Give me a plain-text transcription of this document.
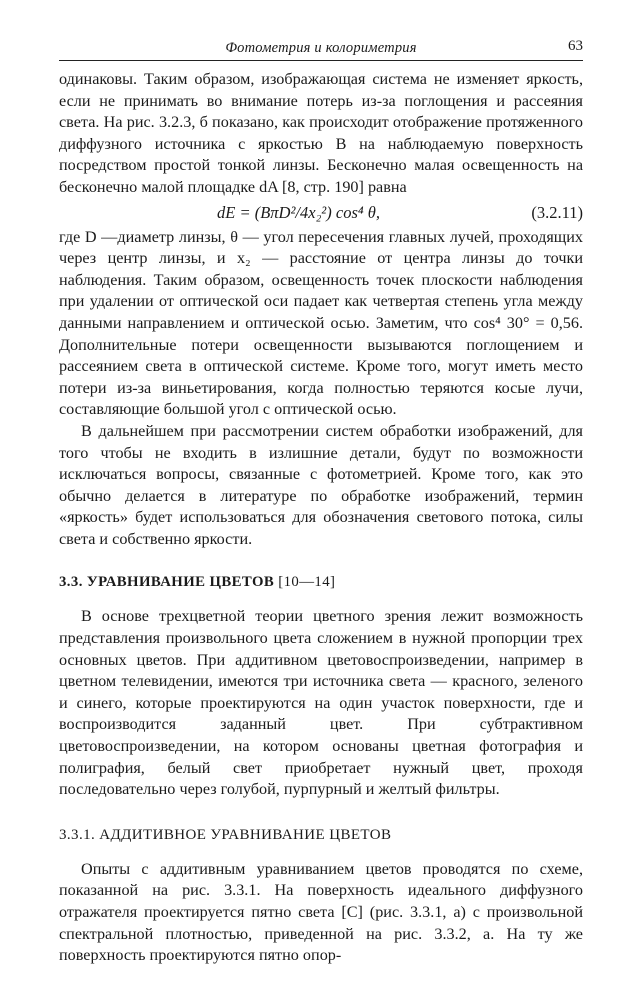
Фотометрия и колориметрия	63

одинаковы. Таким образом, изображающая система не изменяет яркость, если не принимать во внимание потерь из-за поглощения и рассеяния света. На рис. 3.2.3, б показано, как происходит отображение протяженного диффузного источника с яркостью B на наблюдаемую поверхность посредством простой тонкой линзы. Бесконечно малая освещенность на бесконечно малой площадке dA [8, стр. 190] равна

dE = (BπD²/4x₂²) cos⁴ θ,	(3.2.11)

где D —диаметр линзы, θ — угол пересечения главных лучей, проходящих через центр линзы, и x₂ — расстояние от центра линзы до точки наблюдения. Таким образом, освещенность точек плоскости наблюдения при удалении от оптической оси падает как четвертая степень угла между данными направлением и оптической осью. Заметим, что cos⁴ 30° = 0,56. Дополнительные потери освещенности вызываются поглощением и рассеянием света в оптической системе. Кроме того, могут иметь место потери из-за виньетирования, когда полностью теряются косые лучи, составляющие большой угол с оптической осью.

В дальнейшем при рассмотрении систем обработки изображений, для того чтобы не входить в излишние детали, будут по возможности исключаться вопросы, связанные с фотометрией. Кроме того, как это обычно делается в литературе по обработке изображений, термин «яркость» будет использоваться для обозначения светового потока, силы света и собственно яркости.

3.3. УРАВНИВАНИЕ ЦВЕТОВ [10—14]

В основе трехцветной теории цветного зрения лежит возможность представления произвольного цвета сложением в нужной пропорции трех основных цветов. При аддитивном цветовоспроизведении, например в цветном телевидении, имеются три источника света — красного, зеленого и синего, которые проектируются на один участок поверхности, где и воспроизводится заданный цвет. При субтрактивном цветовоспроизведении, на котором основаны цветная фотография и полиграфия, белый свет приобретает нужный цвет, проходя последовательно через голубой, пурпурный и желтый фильтры.

3.3.1. АДДИТИВНОЕ УРАВНИВАНИЕ ЦВЕТОВ

Опыты с аддитивным уравниванием цветов проводятся по схеме, показанной на рис. 3.3.1. На поверхность идеального диффузного отражателя проектируется пятно света [C] (рис. 3.3.1, а) с произвольной спектральной плотностью, приведенной на рис. 3.3.2, а. На ту же поверхность проектируются пятно опор-
